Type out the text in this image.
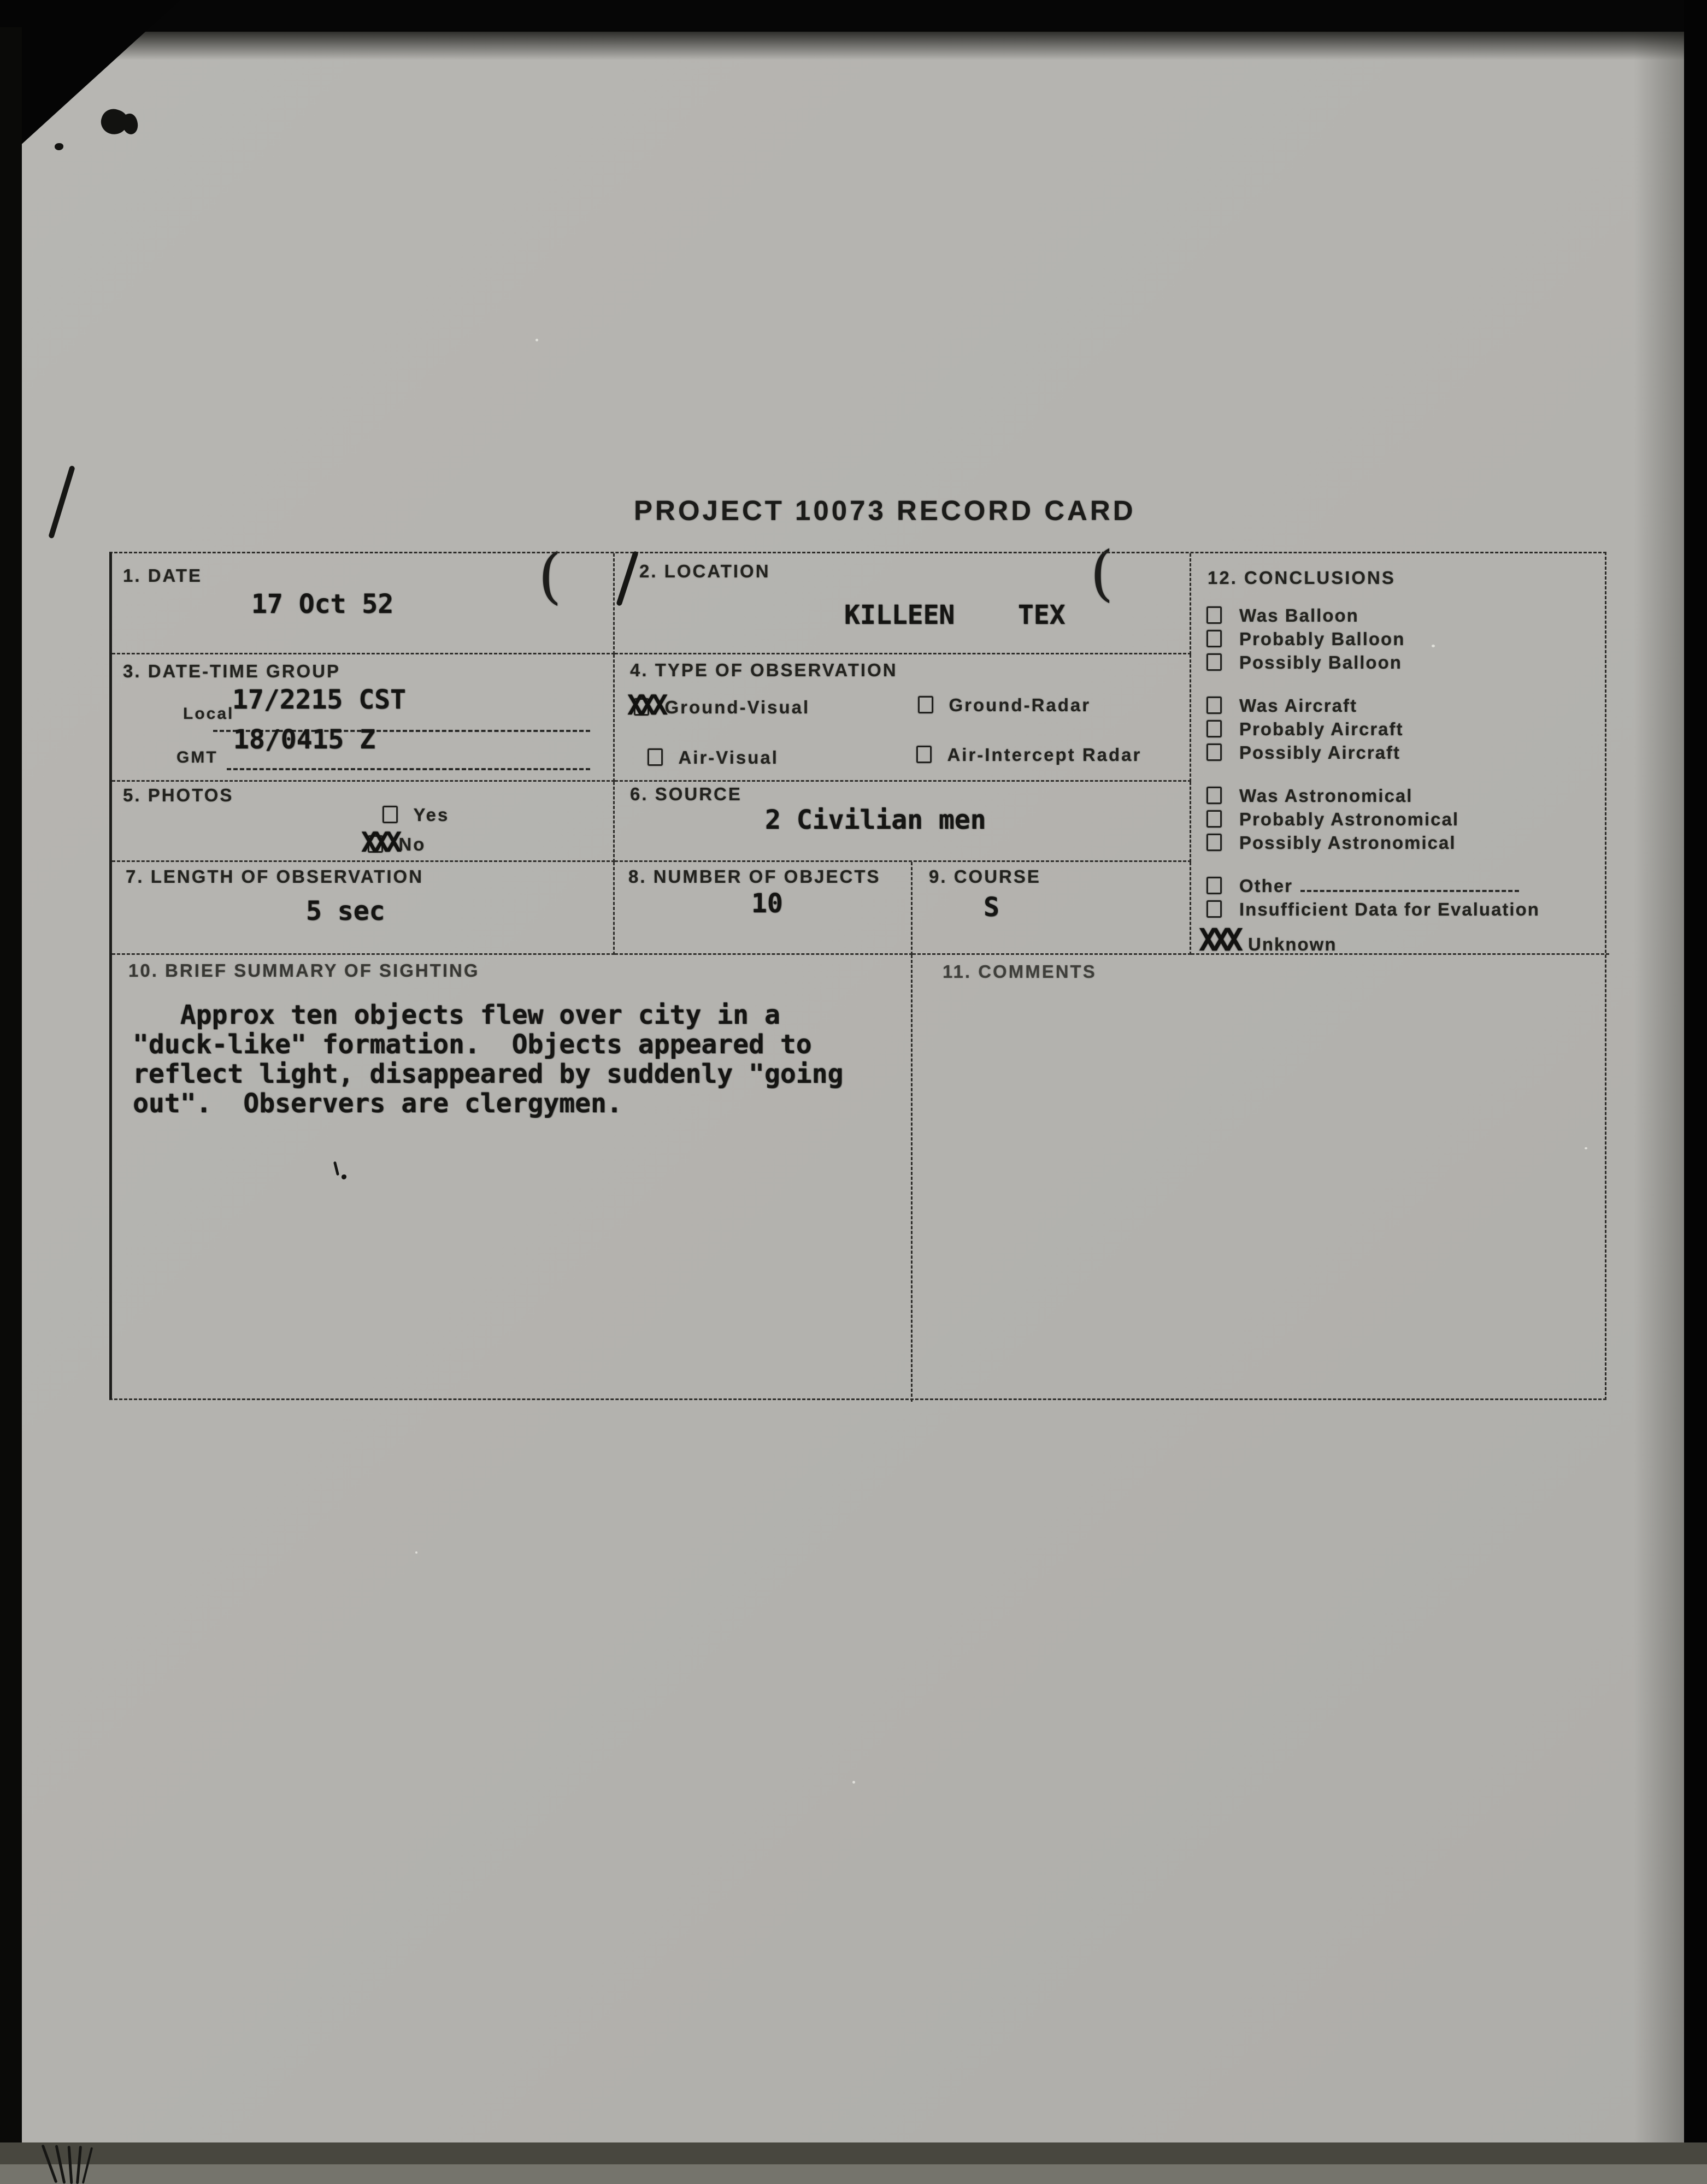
PROJECT 10073 RECORD CARD
(	(
1. DATE
17 Oct 52
2. LOCATION
KILLEEN    TEX
12. CONCLUSIONS
Was Balloon
Probably Balloon
Possibly Balloon
Was Aircraft
Probably Aircraft
Possibly Aircraft
Was Astronomical
Probably Astronomical
Possibly Astronomical
Other
Insufficient Data for Evaluation
XXX Unknown
3. DATE-TIME GROUP
Local
17/2215 CST
18/0415 Z
GMT
4. TYPE OF OBSERVATION
XXX Ground-Visual	Ground-Radar
Air-Visual	Air-Intercept Radar
5. PHOTOS
Yes
XXX No
6. SOURCE
2 Civilian men
7. LENGTH OF OBSERVATION
5 sec
8. NUMBER OF OBJECTS
10
9. COURSE
S
10. BRIEF SUMMARY OF SIGHTING
Approx ten objects flew over city in a
"duck-like" formation.  Objects appeared to
reflect light, disappeared by suddenly "going
out".  Observers are clergymen.
11. COMMENTS
